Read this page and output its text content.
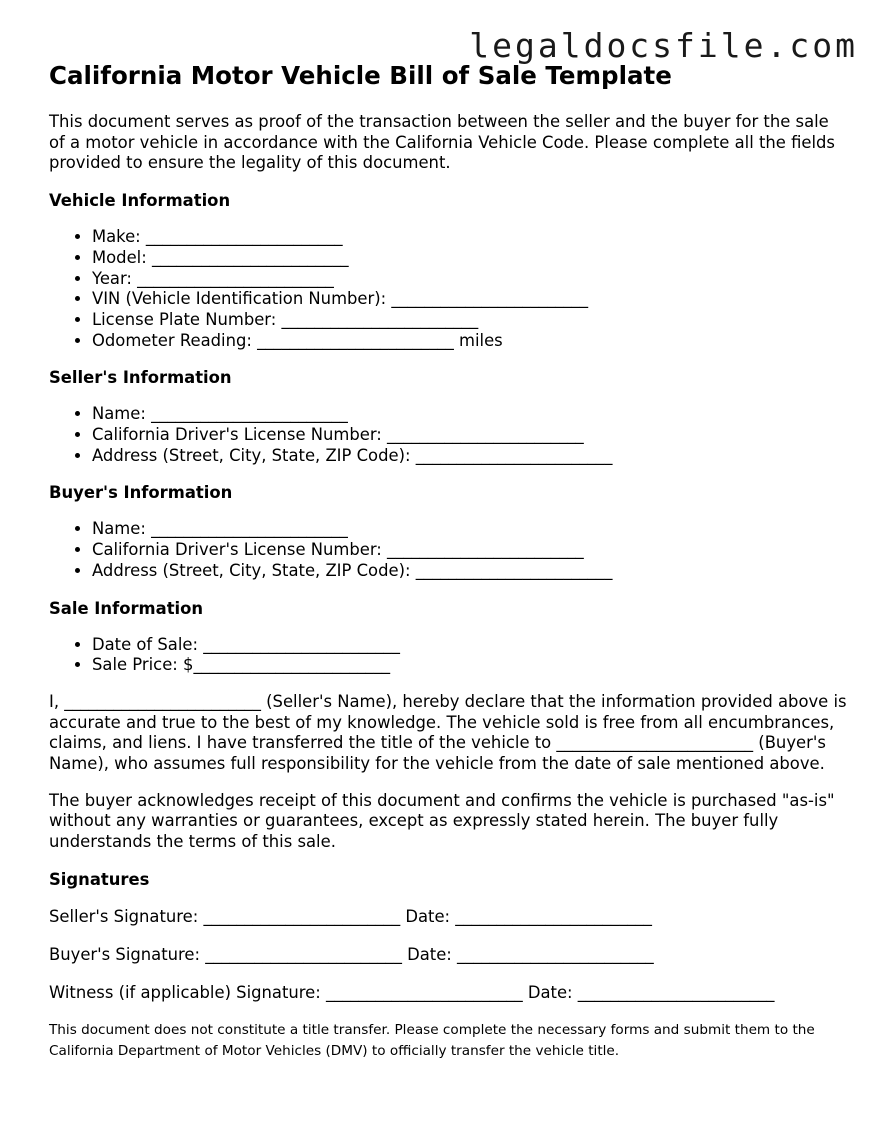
legaldocsfile.com
California Motor Vehicle Bill of Sale Template

This document serves as proof of the transaction between the seller and the buyer for the sale of a motor vehicle in accordance with the California Vehicle Code. Please complete all the fields provided to ensure the legality of this document.

Vehicle Information
• Make: ________________________
• Model: ________________________
• Year: ________________________
• VIN (Vehicle Identification Number): ________________________
• License Plate Number: ________________________
• Odometer Reading: ________________________ miles
Seller's Information
• Name: ________________________
• California Driver's License Number: ________________________
• Address (Street, City, State, ZIP Code): ________________________
Buyer's Information
• Name: ________________________
• California Driver's License Number: ________________________
• Address (Street, City, State, ZIP Code): ________________________
Sale Information
• Date of Sale: ________________________
• Sale Price: $________________________

I, ________________________ (Seller's Name), hereby declare that the information provided above is accurate and true to the best of my knowledge. The vehicle sold is free from all encumbrances, claims, and liens. I have transferred the title of the vehicle to ________________________ (Buyer's Name), who assumes full responsibility for the vehicle from the date of sale mentioned above.

The buyer acknowledges receipt of this document and confirms the vehicle is purchased "as-is" without any warranties or guarantees, except as expressly stated herein. The buyer fully understands the terms of this sale.

Signatures
Seller's Signature: ________________________ Date: ________________________
Buyer's Signature: ________________________ Date: ________________________
Witness (if applicable) Signature: ________________________ Date: ________________________

This document does not constitute a title transfer. Please complete the necessary forms and submit them to the California Department of Motor Vehicles (DMV) to officially transfer the vehicle title.
